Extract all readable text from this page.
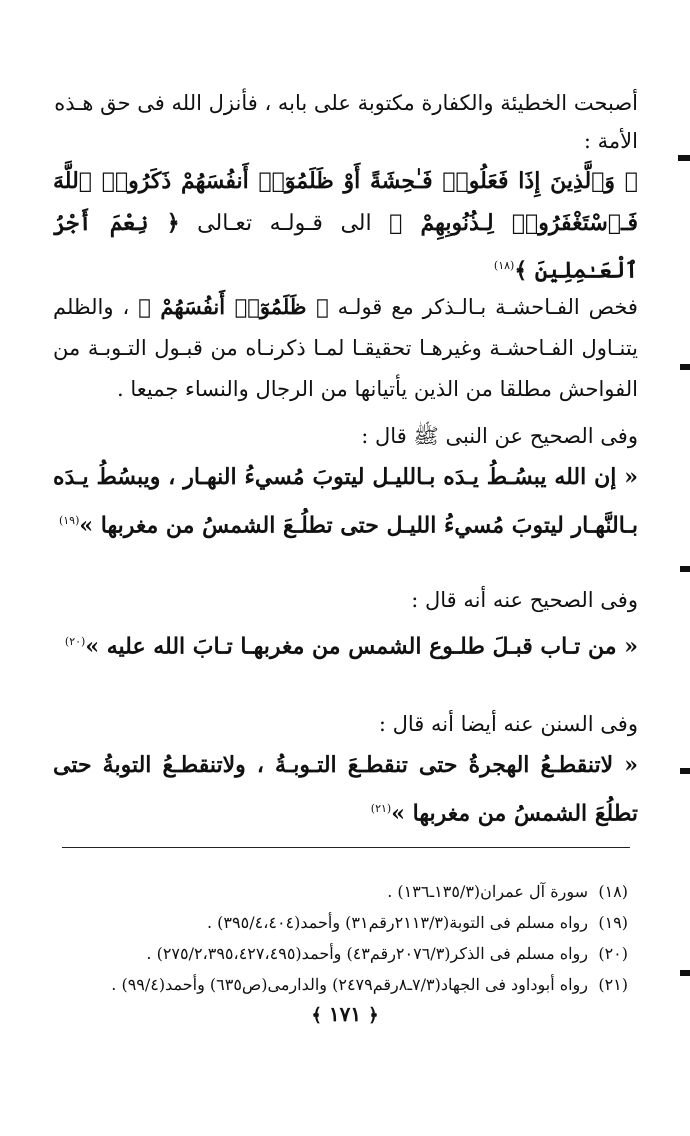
أصبحت الخطيئة والكفارة مكتوبة على بابه ، فأنزل الله فى حق هـذه

الأمة :

﴿ وَٱلَّذِينَ إِذَا فَعَلُوا۟ فَـٰحِشَةً أَوْ ظَلَمُوٓا۟ أَنفُسَهُمْ ذَكَرُوا۟ ٱللَّهَ فَـٱسْتَغْفَرُوا۟ لِـذُنُوبِهِمْ ﴾ الى قـولـه تعـالى ﴿ نِعْمَ أَجْرُ ٱلْعَـٰمِلِينَ ﴾$^{(١٨)}$
فخص الفـاحشـة بـالـذكر مع قولـه ﴿ ظَلَمُوٓا۟ أَنفُسَهُمْ ﴾ ، والظلم يتنـاول الفـاحشـة وغيرهـا تحقيقـا لمـا ذكرنـاه من قبـول التـوبـة من الفواحش مطلقا من الذين يأتيانها من الرجال والنساء جميعا .
وفى الصحيح عن النبى ﷺ قال :
« إن الله يبسُـطُ يـدَه بـالليـل ليتوبَ مُسيءُ النهـار ، ويبسُطُ يـدَه بـالنَّهـار ليتوبَ مُسيءُ الليـل حتى تطلُـعَ الشمسُ من مغربها »$^{(١٩)}$
وفى الصحيح عنه أنه قال :
« من تـاب قبـلَ طلـوع الشمس من مغربهـا تـابَ الله عليه »$^{(٢٠)}$
وفى السنن عنه أيضا أنه قال :
« لاتنقطـعُ الهجرةُ حتى تنقطـعَ التـوبـةُ ، ولاتنقطـعُ التوبةُ حتى تطلُعَ الشمسُ من مغربها »$^{(٢١)}$
(١٨)سورة آل عمران(١٣٥/٣ـ١٣٦) .
(١٩)رواه مسلم فى التوبة(٢١١٣/٣رقم٣١) وأحمد(٣٩٥/٤،٤٠٤) .
(٢٠)رواه مسلم فى الذكر(٢٠٧٦/٣رقم٤٣) وأحمد(٢٧٥/٢،٣٩٥،٤٢٧،٤٩٥) .
(٢١)رواه أبوداود فى الجهاد(٧/٣ـ٨رقم٢٤٧٩) والدارمى(ص٦٣٥) وأحمد(٩٩/٤) .
﴿ ١٧١ ﴾
